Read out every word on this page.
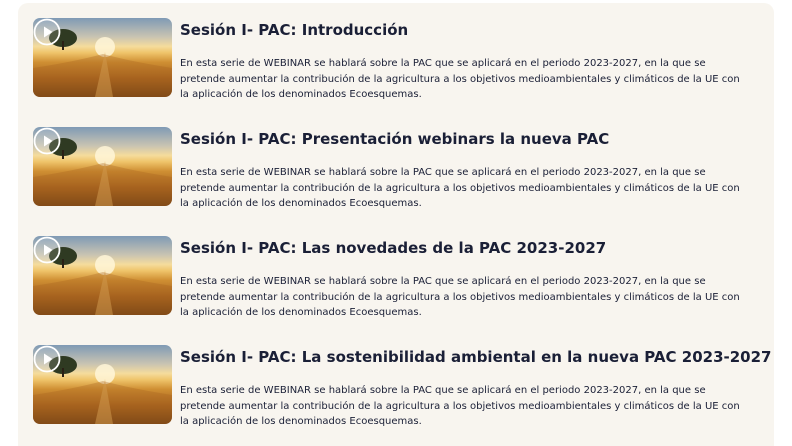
Sesión I- PAC: Introducción

En esta serie de WEBINAR se hablará sobre la PAC que se aplicará en el periodo 2023-2027, en la que se pretende aumentar la contribución de la agricultura a los objetivos medioambientales y climáticos de la UE con la aplicación de los denominados Ecoesquemas.

Sesión I- PAC: Presentación webinars la nueva PAC

En esta serie de WEBINAR se hablará sobre la PAC que se aplicará en el periodo 2023-2027, en la que se pretende aumentar la contribución de la agricultura a los objetivos medioambientales y climáticos de la UE con la aplicación de los denominados Ecoesquemas.

Sesión I- PAC: Las novedades de la PAC 2023-2027

En esta serie de WEBINAR se hablará sobre la PAC que se aplicará en el periodo 2023-2027, en la que se pretende aumentar la contribución de la agricultura a los objetivos medioambientales y climáticos de la UE con la aplicación de los denominados Ecoesquemas.

Sesión I- PAC: La sostenibilidad ambiental en la nueva PAC 2023-2027

En esta serie de WEBINAR se hablará sobre la PAC que se aplicará en el periodo 2023-2027, en la que se pretende aumentar la contribución de la agricultura a los objetivos medioambientales y climáticos de la UE con la aplicación de los denominados Ecoesquemas.
